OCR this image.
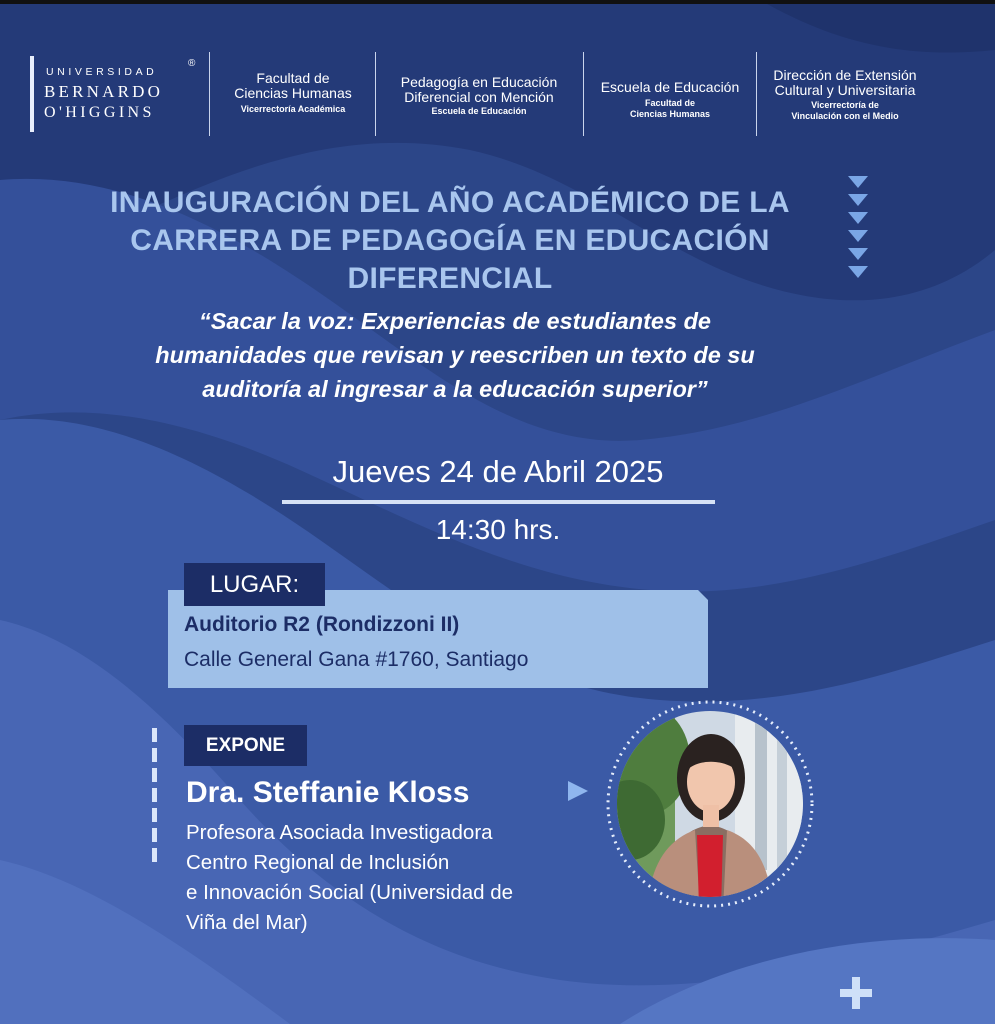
UNIVERSIDAD
BERNARDO
O'HIGGINS
®
Facultad de
Ciencias Humanas
Vicerrectoría Académica
Pedagogía en Educación
Diferencial con Mención
Escuela de Educación
Escuela de Educación
Facultad de
Ciencias Humanas
Dirección de Extensión
Cultural y Universitaria
Vicerrectoría de
Vinculación con el Medio
INAUGURACIÓN DEL AÑO ACADÉMICO DE LA
CARRERA DE PEDAGOGÍA EN EDUCACIÓN
DIFERENCIAL
“Sacar la voz: Experiencias de estudiantes de
humanidades que revisan y reescriben un texto de su
auditoría al ingresar a la educación superior”
Jueves 24 de Abril 2025
14:30 hrs.
LUGAR:
Auditorio R2 (Rondizzoni II)
Calle General Gana #1760, Santiago
EXPONE
Dra. Steffanie Kloss
Profesora Asociada Investigadora
Centro Regional de Inclusión
e Innovación Social (Universidad de
Viña del Mar)
